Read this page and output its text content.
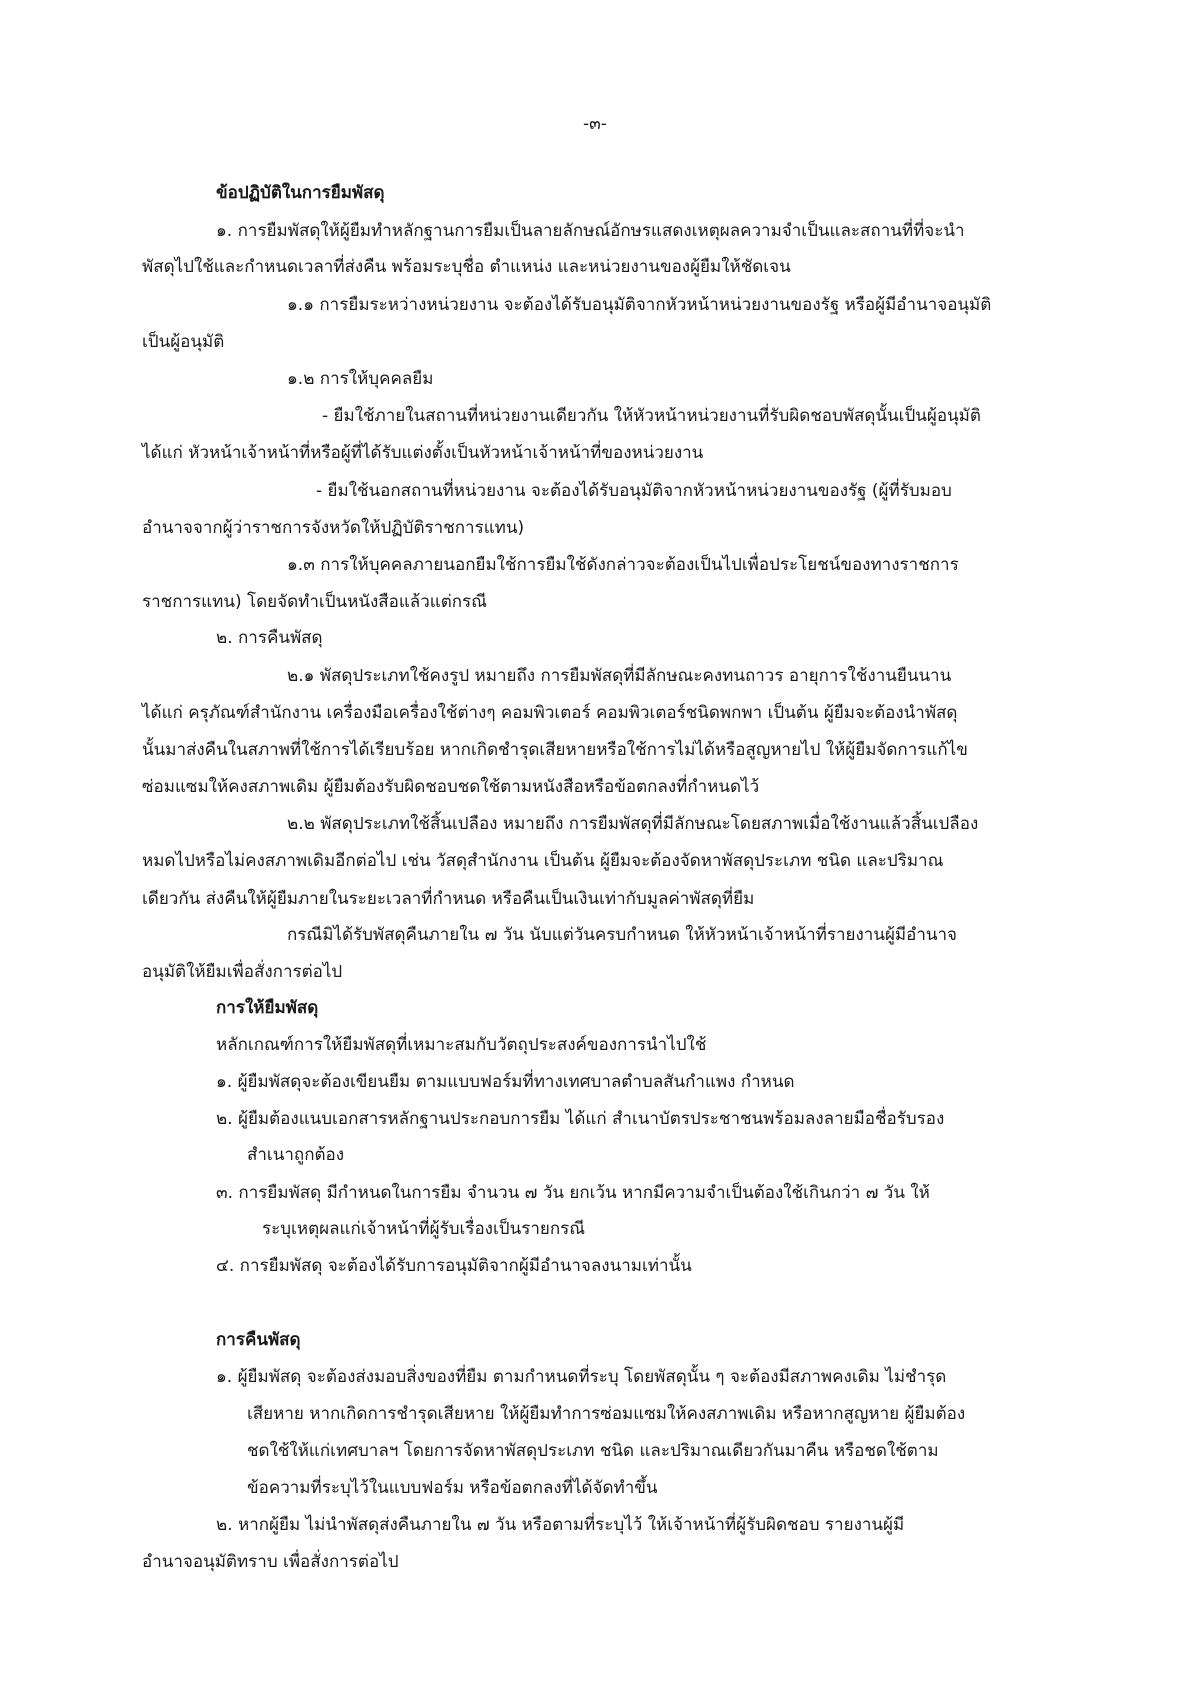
-๓-
ข้อปฏิบัติในการยืมพัสดุ
๑. การยืมพัสดุให้ผู้ยืมทำหลักฐานการยืมเป็นลายลักษณ์อักษรแสดงเหตุผลความจำเป็นและสถานที่ที่จะนำ
พัสดุไปใช้และกำหนดเวลาที่ส่งคืน พร้อมระบุชื่อ ตำแหน่ง และหน่วยงานของผู้ยืมให้ชัดเจน
๑.๑ การยืมระหว่างหน่วยงาน จะต้องได้รับอนุมัติจากหัวหน้าหน่วยงานของรัฐ หรือผู้มีอำนาจอนุมัติ
เป็นผู้อนุมัติ
๑.๒ การให้บุคคลยืม
- ยืมใช้ภายในสถานที่หน่วยงานเดียวกัน ให้หัวหน้าหน่วยงานที่รับผิดชอบพัสดุนั้นเป็นผู้อนุมัติ
ได้แก่ หัวหน้าเจ้าหน้าที่หรือผู้ที่ได้รับแต่งตั้งเป็นหัวหน้าเจ้าหน้าที่ของหน่วยงาน
- ยืมใช้นอกสถานที่หน่วยงาน จะต้องได้รับอนุมัติจากหัวหน้าหน่วยงานของรัฐ (ผู้ที่รับมอบ
อำนาจจากผู้ว่าราชการจังหวัดให้ปฏิบัติราชการแทน)
๑.๓ การให้บุคคลภายนอกยืมใช้การยืมใช้ดังกล่าวจะต้องเป็นไปเพื่อประโยชน์ของทางราชการ
ราชการแทน) โดยจัดทำเป็นหนังสือแล้วแต่กรณี
๒. การคืนพัสดุ
๒.๑ พัสดุประเภทใช้คงรูป หมายถึง การยืมพัสดุที่มีลักษณะคงทนถาวร อายุการใช้งานยืนนาน
ได้แก่ ครุภัณฑ์สำนักงาน เครื่องมือเครื่องใช้ต่างๆ คอมพิวเตอร์ คอมพิวเตอร์ชนิดพกพา เป็นต้น ผู้ยืมจะต้องนำพัสดุ
นั้นมาส่งคืนในสภาพที่ใช้การได้เรียบร้อย หากเกิดชำรุดเสียหายหรือใช้การไม่ได้หรือสูญหายไป ให้ผู้ยืมจัดการแก้ไข
ซ่อมแซมให้คงสภาพเดิม ผู้ยืมต้องรับผิดชอบชดใช้ตามหนังสือหรือข้อตกลงที่กำหนดไว้
๒.๒ พัสดุประเภทใช้สิ้นเปลือง หมายถึง การยืมพัสดุที่มีลักษณะโดยสภาพเมื่อใช้งานแล้วสิ้นเปลือง
หมดไปหรือไม่คงสภาพเดิมอีกต่อไป เช่น วัสดุสำนักงาน เป็นต้น ผู้ยืมจะต้องจัดหาพัสดุประเภท ชนิด และปริมาณ
เดียวกัน ส่งคืนให้ผู้ยืมภายในระยะเวลาที่กำหนด หรือคืนเป็นเงินเท่ากับมูลค่าพัสดุที่ยืม
กรณีมิได้รับพัสดุคืนภายใน ๗ วัน นับแต่วันครบกำหนด ให้หัวหน้าเจ้าหน้าที่รายงานผู้มีอำนาจ
อนุมัติให้ยืมเพื่อสั่งการต่อไป
การให้ยืมพัสดุ
หลักเกณฑ์การให้ยืมพัสดุที่เหมาะสมกับวัตถุประสงค์ของการนำไปใช้
๑. ผู้ยืมพัสดุจะต้องเขียนยืม ตามแบบฟอร์มที่ทางเทศบาลตำบลสันกำแพง กำหนด
๒. ผู้ยืมต้องแนบเอกสารหลักฐานประกอบการยืม ได้แก่ สำเนาบัตรประชาชนพร้อมลงลายมือชื่อรับรอง
สำเนาถูกต้อง
๓. การยืมพัสดุ มีกำหนดในการยืม จำนวน ๗ วัน ยกเว้น หากมีความจำเป็นต้องใช้เกินกว่า ๗ วัน ให้
ระบุเหตุผลแก่เจ้าหน้าที่ผู้รับเรื่องเป็นรายกรณี
๔. การยืมพัสดุ จะต้องได้รับการอนุมัติจากผู้มีอำนาจลงนามเท่านั้น
การคืนพัสดุ
๑. ผู้ยืมพัสดุ จะต้องส่งมอบสิ่งของที่ยืม ตามกำหนดที่ระบุ โดยพัสดุนั้น ๆ จะต้องมีสภาพคงเดิม ไม่ชำรุด
เสียหาย หากเกิดการชำรุดเสียหาย ให้ผู้ยืมทำการซ่อมแซมให้คงสภาพเดิม หรือหากสูญหาย ผู้ยืมต้อง
ชดใช้ให้แก่เทศบาลฯ โดยการจัดหาพัสดุประเภท ชนิด และปริมาณเดียวกันมาคืน หรือชดใช้ตาม
ข้อความที่ระบุไว้ในแบบฟอร์ม หรือข้อตกลงที่ได้จัดทำขึ้น
๒. หากผู้ยืม ไม่นำพัสดุส่งคืนภายใน ๗ วัน หรือตามที่ระบุไว้ ให้เจ้าหน้าที่ผู้รับผิดชอบ รายงานผู้มี
อำนาจอนุมัติทราบ เพื่อสั่งการต่อไป
